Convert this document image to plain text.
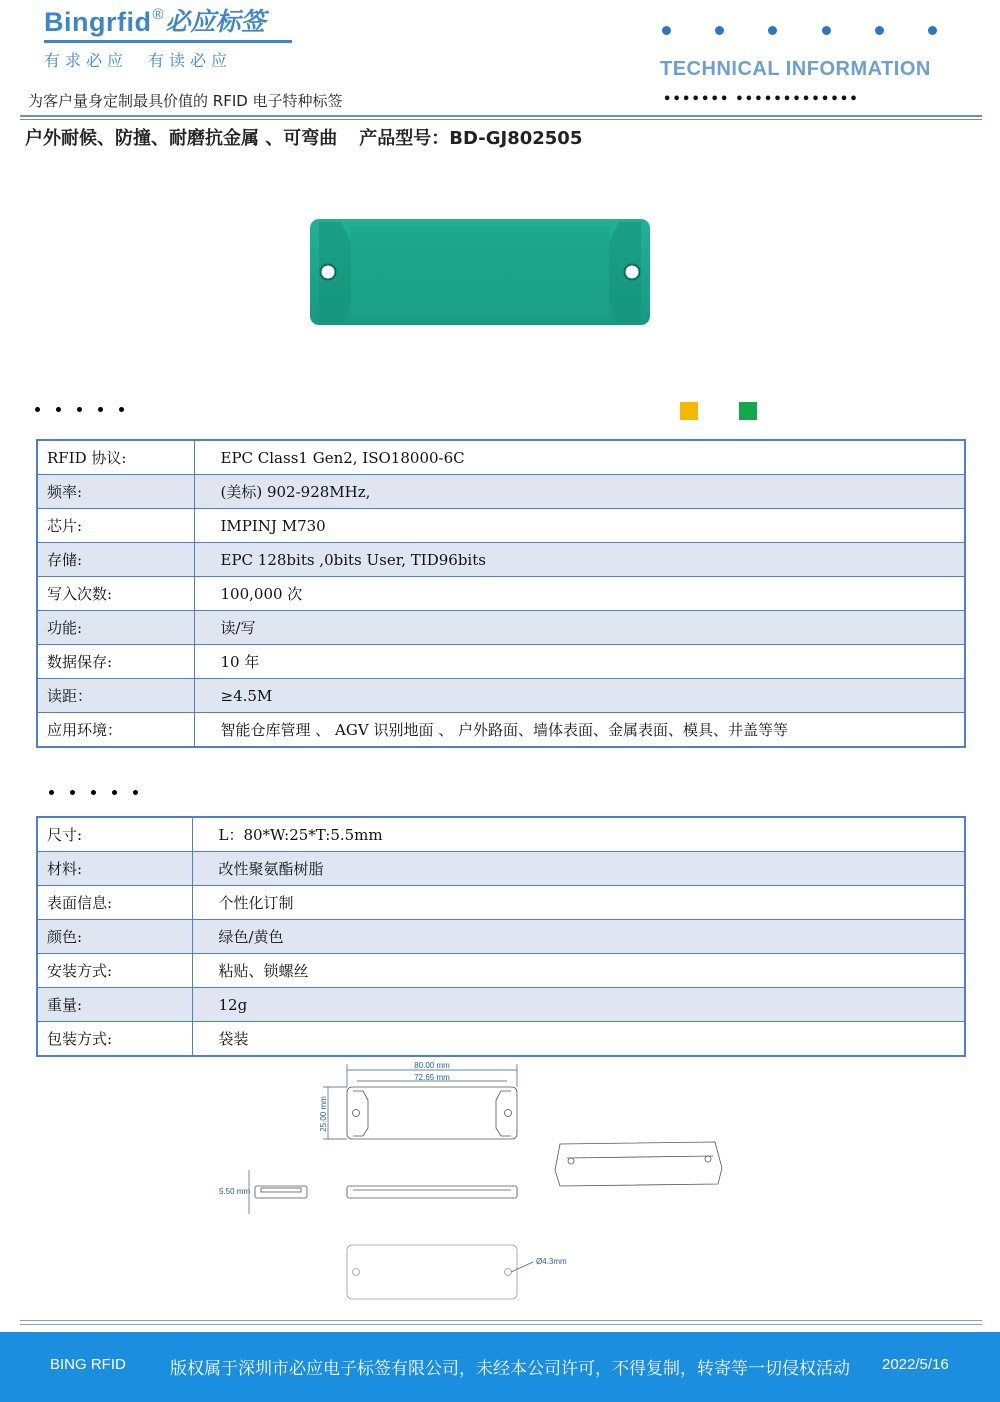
Bingrfid ® 必应标签
有求必应 有读必应	TECHNICAL INFORMATION
••••••• •••••••••••••
为客户量身定制最具价值的 RFID 电子特种标签
户外耐候、防撞、耐磨抗金属 、可弯曲 产品型号：BD-GJ802505
RFID 协议:	EPC Class1 Gen2, ISO18000-6C
频率:	(美标) 902-928MHz,
芯片:	IMPINJ M730
存储:	EPC 128bits ,0bits User, TID96bits
写入次数:	100,000 次
功能:	读/写
数据保存:	10 年
读距：	≥4.5M
应用环境：	智能仓库管理 、 AGV 识别地面 、 户外路面、墙体表面、金属表面、模具、井盖等等
尺寸:	L：80*W:25*T:5.5mm
材料:	改性聚氨酯树脂
表面信息:	个性化订制
颜色:	绿色/黄色
安装方式:	粘贴、锁螺丝
重量:	12g
包装方式:	袋装
80.00 mm
72.65 mm
25.00 mm
5.50 mm
Ø4.3mm
BING RFID	版权属于深圳市必应电子标签有限公司，未经本公司许可，不得复制，转寄等一切侵权活动 2022/5/16
